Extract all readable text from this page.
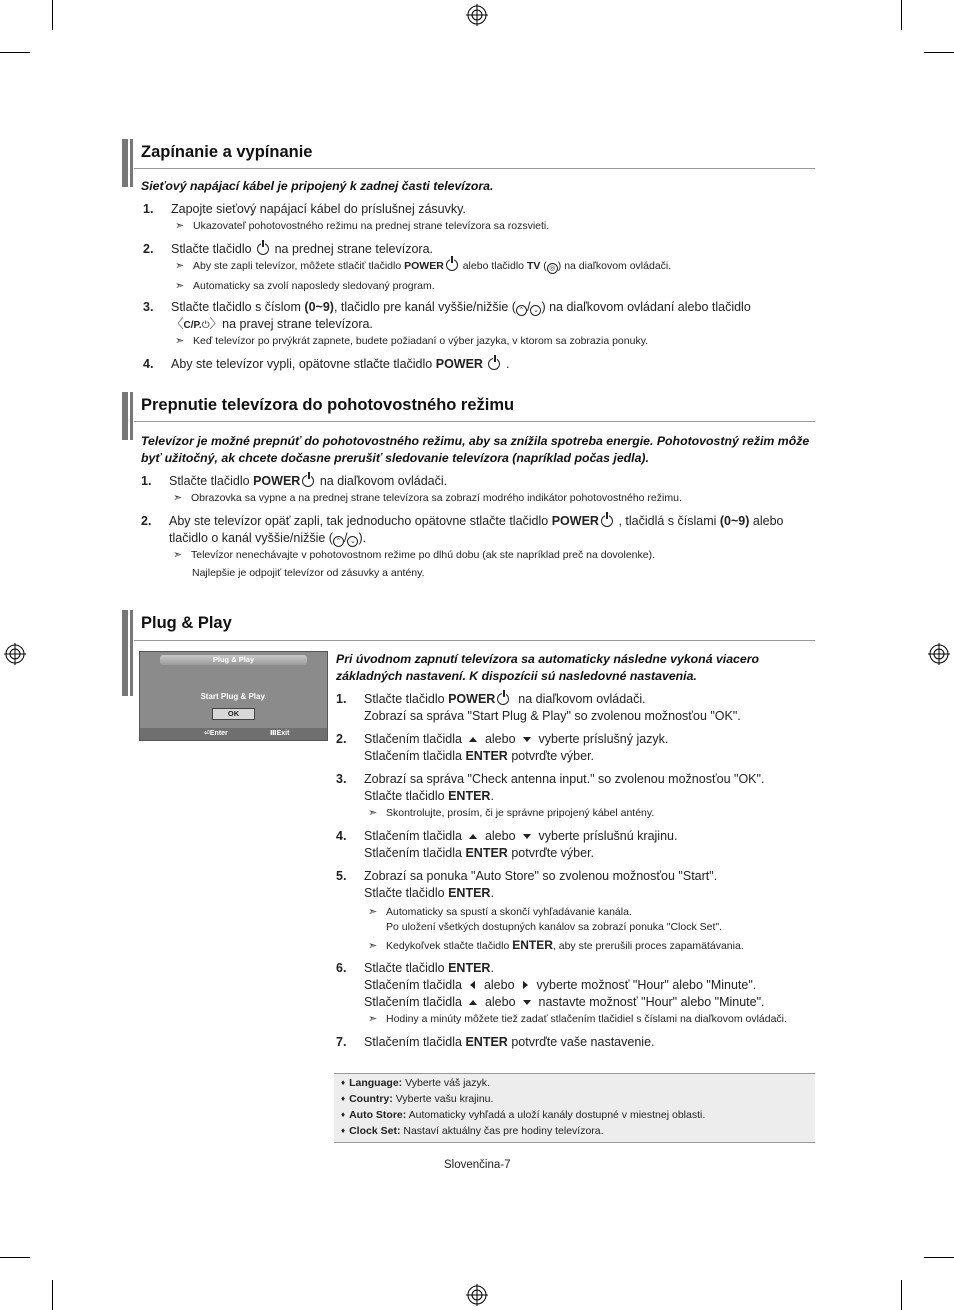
Zapínanie a vypínanie
Sieťový napájací kábel je pripojený k zadnej časti televízora.
1. Zapojte sieťový napájací kábel do príslušnej zásuvky.
➣ Ukazovateľ pohotovostného režimu na prednej strane televízora sa rozsvieti.
2. Stlačte tlačidlo na prednej strane televízora.
➣ Aby ste zapli televízor, môžete stlačiť tlačidlo POWER alebo tlačidlo TV ( ◎ ) na diaľkovom ovládači.
➣ Automaticky sa zvolí naposledy sledovaný program.
3. Stlačte tlačidlo s číslom (0~9), tlačidlo pre kanál vyššie/nižšie ( ⌃ / ⌄ ) na diaľkovom ovládaní alebo tlačidlo
〈C/P.⏻〉na pravej strane televízora.
➣ Keď televízor po prvýkrát zapnete, budete požiadaní o výber jazyka, v ktorom sa zobrazia ponuky.
4. Aby ste televízor vypli, opätovne stlačte tlačidlo POWER .
Prepnutie televízora do pohotovostného režimu
Televízor je možné prepnúť do pohotovostného režimu, aby sa znížila spotreba energie. Pohotovostný režim môže
byť užitočný, ak chcete dočasne prerušiť sledovanie televízora (napríklad počas jedla).
1. Stlačte tlačidlo POWER na diaľkovom ovládači.
➣ Obrazovka sa vypne a na prednej strane televízora sa zobrazí modrého indikátor pohotovostného režimu.
2. Aby ste televízor opäť zapli, tak jednoducho opätovne stlačte tlačidlo POWER , tlačidlá s číslami (0~9) alebo
tlačidlo o kanál vyššie/nižšie ( ⌃ / ⌄ ).
➣ Televízor nenechávajte v pohotovostnom režime po dlhú dobu (ak ste napríklad preč na dovolenke).
Najlepšie je odpojiť televízor od zásuvky a antény.
Plug & Play
Plug & Play
Start Plug & Play.
OK
⏎ Enter	Ⅲ Exit
Pri úvodnom zapnutí televízora sa automaticky následne vykoná viacero
základných nastavení. K dispozícii sú nasledovné nastavenia.
1. Stlačte tlačidlo POWER na diaľkovom ovládači.
Zobrazí sa správa "Start Plug & Play" so zvolenou možnosťou "OK".
2. Stlačením tlačidla alebo vyberte príslušný jazyk.
Stlačením tlačidla ENTER potvrďte výber.
3. Zobrazí sa správa "Check antenna input." so zvolenou možnosťou "OK".
Stlačte tlačidlo ENTER.
➣ Skontrolujte, prosím, či je správne pripojený kábel antény.
4. Stlačením tlačidla alebo vyberte príslušnú krajinu.
Stlačením tlačidla ENTER potvrďte výber.
5. Zobrazí sa ponuka "Auto Store" so zvolenou možnosťou "Start".
Stlačte tlačidlo ENTER.
➣ Automaticky sa spustí a skončí vyhľadávanie kanála.
Po uložení všetkých dostupných kanálov sa zobrazí ponuka "Clock Set".
➣ Kedykoľvek stlačte tlačidlo ENTER, aby ste prerušili proces zapamätávania.
6. Stlačte tlačidlo ENTER.
Stlačením tlačidla alebo vyberte možnosť "Hour" alebo "Minute".
Stlačením tlačidla alebo nastavte možnosť "Hour" alebo "Minute".
➣ Hodiny a minúty môžete tiež zadať stlačením tlačidiel s číslami na diaľkovom ovládači.
7. Stlačením tlačidla ENTER potvrďte vaše nastavenie.
♦ Language: Vyberte váš jazyk.
♦ Country: Vyberte vašu krajinu.
♦ Auto Store: Automaticky vyhľadá a uloží kanály dostupné v miestnej oblasti.
♦ Clock Set: Nastaví aktuálny čas pre hodiny televízora.
Slovenčina-7
